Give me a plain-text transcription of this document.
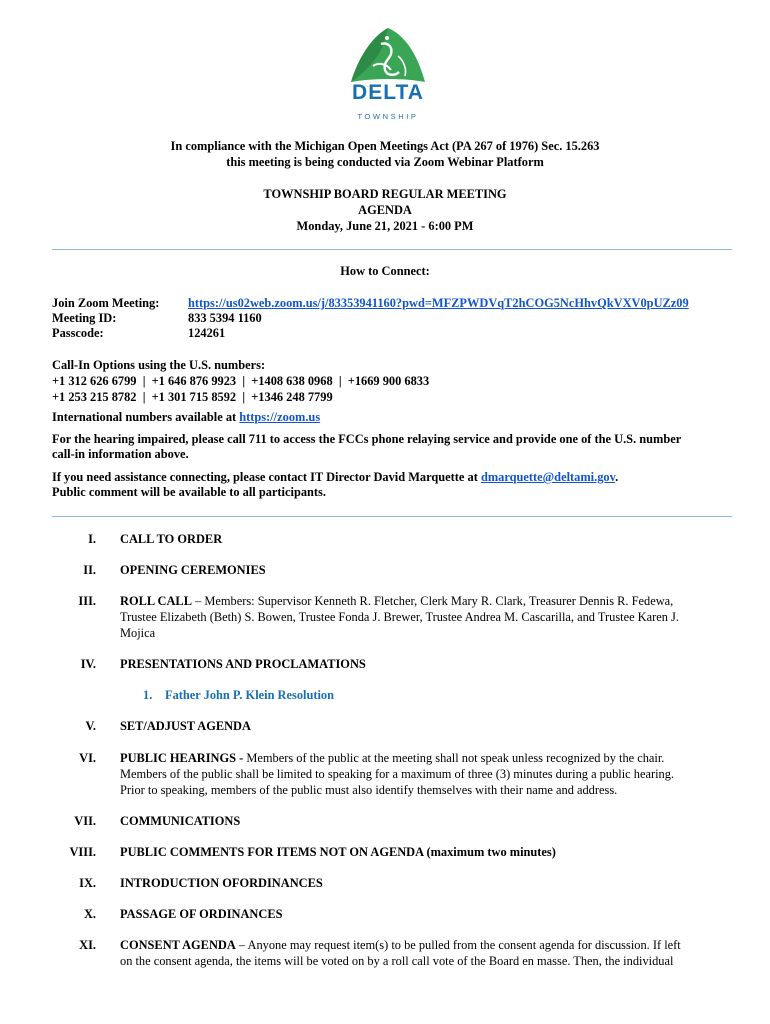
DELTA
TOWNSHIP
In compliance with the Michigan Open Meetings Act (PA 267 of 1976) Sec. 15.263
this meeting is being conducted via Zoom Webinar Platform
TOWNSHIP BOARD REGULAR MEETING
AGENDA
Monday, June 21, 2021 - 6:00 PM
How to Connect:
Join Zoom Meeting: https://us02web.zoom.us/j/83353941160?pwd=MFZPWDVqT2hCOG5NcHhvQkVXV0pUZz09
Meeting ID:	833 5394 1160
Passcode:	124261
Call-In Options using the U.S. numbers:
+1 312 626 6799  |  +1 646 876 9923  |  +1408 638 0968  |  +1669 900 6833
+1 253 215 8782  |  +1 301 715 8592  |  +1346 248 7799
International numbers available at https://zoom.us
For the hearing impaired, please call 711 to access the FCCs phone relaying service and provide one of the U.S. number
call-in information above.
If you need assistance connecting, please contact IT Director David Marquette at dmarquette@deltami.gov.
Public comment will be available to all participants.
I. CALL TO ORDER
II. OPENING CEREMONIES
III. ROLL CALL – Members: Supervisor Kenneth R. Fletcher, Clerk Mary R. Clark, Treasurer Dennis R. Fedewa,
Trustee Elizabeth (Beth) S. Bowen, Trustee Fonda J. Brewer, Trustee Andrea M. Cascarilla, and Trustee Karen J.
Mojica
IV. PRESENTATIONS AND PROCLAMATIONS
1. Father John P. Klein Resolution
V. SET/ADJUST AGENDA
VI. PUBLIC HEARINGS - Members of the public at the meeting shall not speak unless recognized by the chair.
Members of the public shall be limited to speaking for a maximum of three (3) minutes during a public hearing.
Prior to speaking, members of the public must also identify themselves with their name and address.
VII. COMMUNICATIONS
VIII. PUBLIC COMMENTS FOR ITEMS NOT ON AGENDA (maximum two minutes)
IX. INTRODUCTION OFORDINANCES
X. PASSAGE OF ORDINANCES
XI. CONSENT AGENDA – Anyone may request item(s) to be pulled from the consent agenda for discussion. If left
on the consent agenda, the items will be voted on by a roll call vote of the Board en masse. Then, the individual
